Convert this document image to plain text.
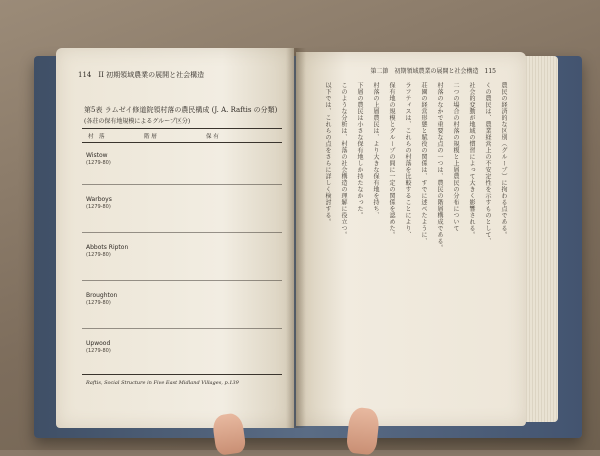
114　II 初期領域農業の展開と社会構造
第5表 ラムゼイ修道院領村落の農民構成 (J. A. Raftis の分類)
(各荘の保有地規模によるグループ区分)
村　落	階 層	保 有
Wistow
(1279-80)
Warboys
(1279-80)
Abbots Ripton
(1279-80)
Broughton
(1279-80)
Upwood
(1279-80)
Raftis, Social Structure in Five East Midland Villages, p.139
第二節　初期領域農業の展開と社会構造　115
農民の経済的な区別（グループ）に拘わる点である。
くの農民は、農業経営上の不安定性を示すものとして、
社会的変動が地域の慣習によって大きく影響される。
二つの場合の村落の規模と上層農民の分布について
村落のなかで重要な点の一つは、農民の階層構成である。
荘園の経営形態と賦役の関係は、すでに述べたように、
ラフティスは、これらの村落を比較することにより、
保有地の規模とグループの間に一定の関係を認めた。
村落の上層農民は、より大きな保有地を持ち、
下層の農民は小さな保有地しか持たなかった。
このような分析は、村落の社会構造の理解に役立つ。
以下では、これらの点をさらに詳しく検討する。
